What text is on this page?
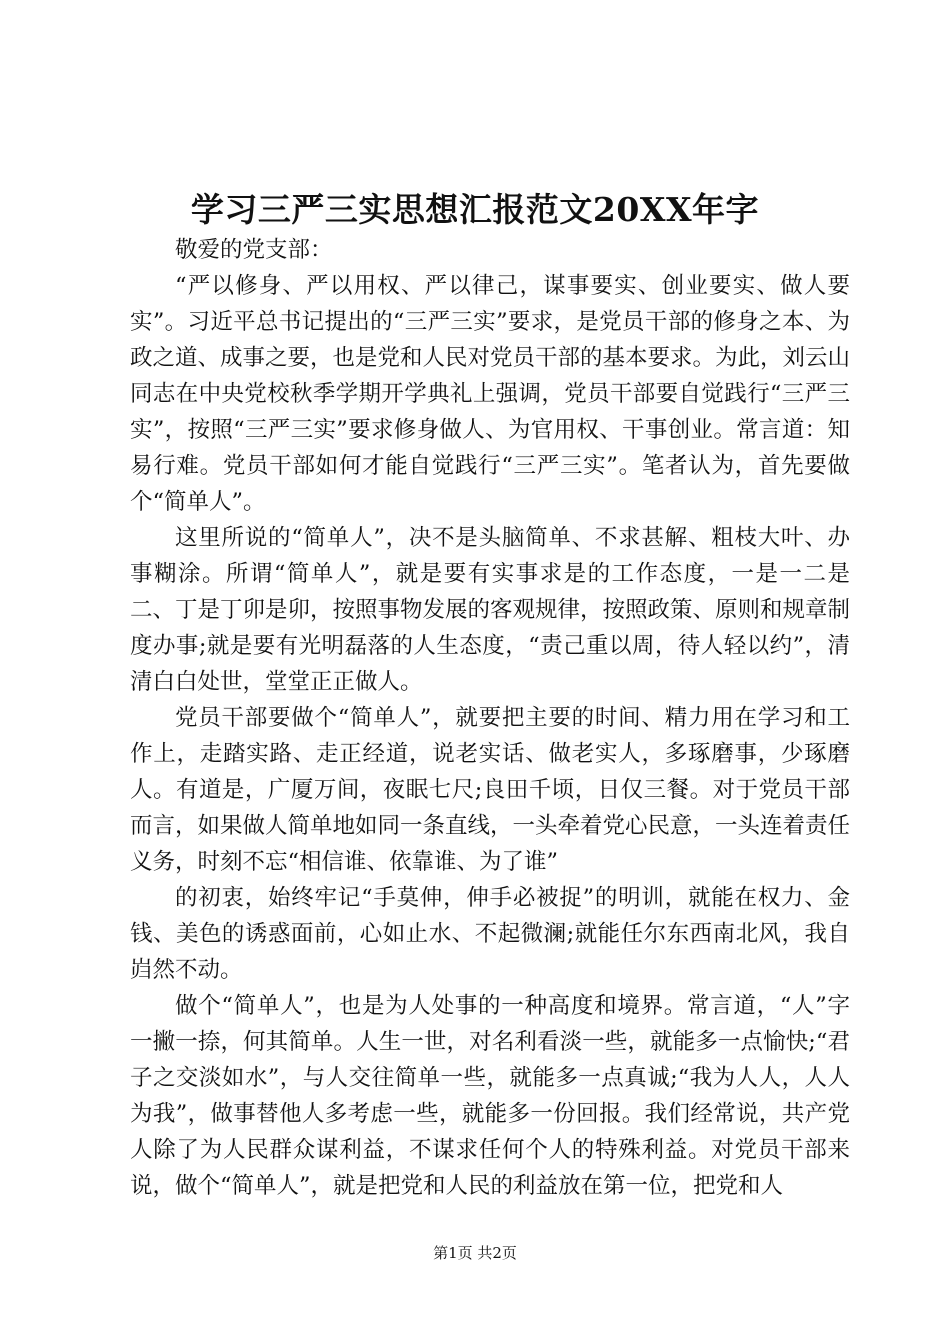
学习三严三实思想汇报范文20XX年字

敬爱的党支部：

“严以修身、严以用权、严以律己，谋事要实、创业要实、做人要实”。习近平总书记提出的“三严三实”要求，是党员干部的修身之本、为政之道、成事之要，也是党和人民对党员干部的基本要求。为此，刘云山同志在中央党校秋季学期开学典礼上强调，党员干部要自觉践行“三严三实”，按照“三严三实”要求修身做人、为官用权、干事创业。常言道：知易行难。党员干部如何才能自觉践行“三严三实”。笔者认为，首先要做个“简单人”。

这里所说的“简单人”，决不是头脑简单、不求甚解、粗枝大叶、办事糊涂。所谓“简单人”，就是要有实事求是的工作态度，一是一二是二、丁是丁卯是卯，按照事物发展的客观规律，按照政策、原则和规章制度办事;就是要有光明磊落的人生态度，“责己重以周，待人轻以约”，清清白白处世，堂堂正正做人。

党员干部要做个“简单人”，就要把主要的时间、精力用在学习和工作上，走踏实路、走正经道，说老实话、做老实人，多琢磨事，少琢磨人。有道是，广厦万间，夜眠七尺;良田千顷，日仅三餐。对于党员干部而言，如果做人简单地如同一条直线，一头牵着党心民意，一头连着责任义务，时刻不忘“相信谁、依靠谁、为了谁”

的初衷，始终牢记“手莫伸，伸手必被捉”的明训，就能在权力、金钱、美色的诱惑面前，心如止水、不起微澜;就能任尔东西南北风，我自岿然不动。

做个“简单人”，也是为人处事的一种高度和境界。常言道，“人”字一撇一捺，何其简单。人生一世，对名利看淡一些，就能多一点愉快;“君子之交淡如水”，与人交往简单一些，就能多一点真诚;“我为人人，人人为我”，做事替他人多考虑一些，就能多一份回报。我们经常说，共产党人除了为人民群众谋利益，不谋求任何个人的特殊利益。对党员干部来说，做个“简单人”，就是把党和人民的利益放在第一位，把党和人

第1页 共2页
